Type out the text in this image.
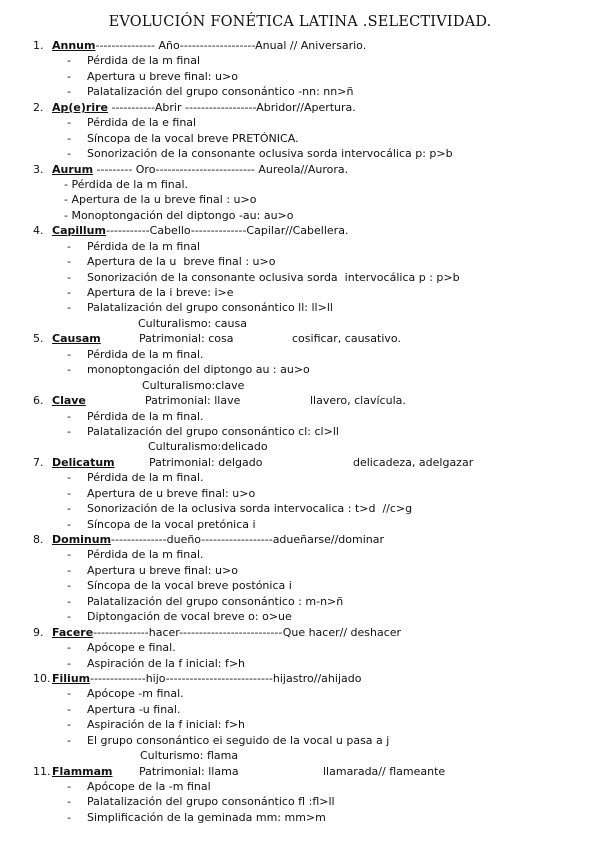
EVOLUCIÓN FONÉTICA LATINA .SELECTIVIDAD.
1. Annum--------------- Año-------------------Anual // Aniversario.
- Pérdida de la m final
- Apertura u breve final: u>o
- Palatalización del grupo consonántico -nn: nn>ñ
2. Ap(e)rire -----------Abrir ------------------Abridor//Apertura.
- Pérdida de la e final
- Síncopa de la vocal breve PRETÓNICA.
- Sonorización de la consonante oclusiva sorda intervocálica p: p>b
3. Aurum --------- Oro------------------------- Aureola//Aurora.
- Pérdida de la m final.
- Apertura de la u breve final : u>o
- Monoptongación del diptongo -au: au>o
4. Capillum-----------Cabello--------------Capilar//Cabellera.
- Pérdida de la m final
- Apertura de la u  breve final : u>o
- Sonorización de la consonante oclusiva sorda  intervocálica p : p>b
- Apertura de la i breve: i>e
- Palatalización del grupo consonántico ll: ll>ll
Culturalismo: causa
5. Causam	Patrimonial: cosa	cosificar, causativo.
- Pérdida de la m final.
- monoptongación del diptongo au : au>o
Culturalismo:clave
6. Clave	Patrimonial: llave	llavero, clavícula.
- Pérdida de la m final.
- Palatalización del grupo consonántico cl: cl>ll
Culturalismo:delicado
7. Delicatum	Patrimonial: delgado	delicadeza, adelgazar
- Pérdida de la m final.
- Apertura de u breve final: u>o
- Sonorización de la oclusiva sorda intervocalica : t>d  //c>g
- Síncopa de la vocal pretónica i
8. Dominum--------------dueño------------------adueñarse//dominar
- Pérdida de la m final.
- Apertura u breve final: u>o
- Síncopa de la vocal breve postónica i
- Palatalización del grupo consonántico : m-n>ñ
- Diptongación de vocal breve o: o>ue
9. Facere--------------hacer--------------------------Que hacer// deshacer
- Apócope e final.
- Aspiración de la f inicial: f>h
10. Filium--------------hijo---------------------------hijastro//ahijado
- Apócope -m final.
- Apertura -u final.
- Aspiración de la f inicial: f>h
- El grupo consonántico ei seguido de la vocal u pasa a j
Culturismo: flama
11. Flammam Patrimonial: llama	llamarada// flameante
- Apócope de la -m final
- Palatalización del grupo consonántico fl :fl>ll
- Simplificación de la geminada mm: mm>m
